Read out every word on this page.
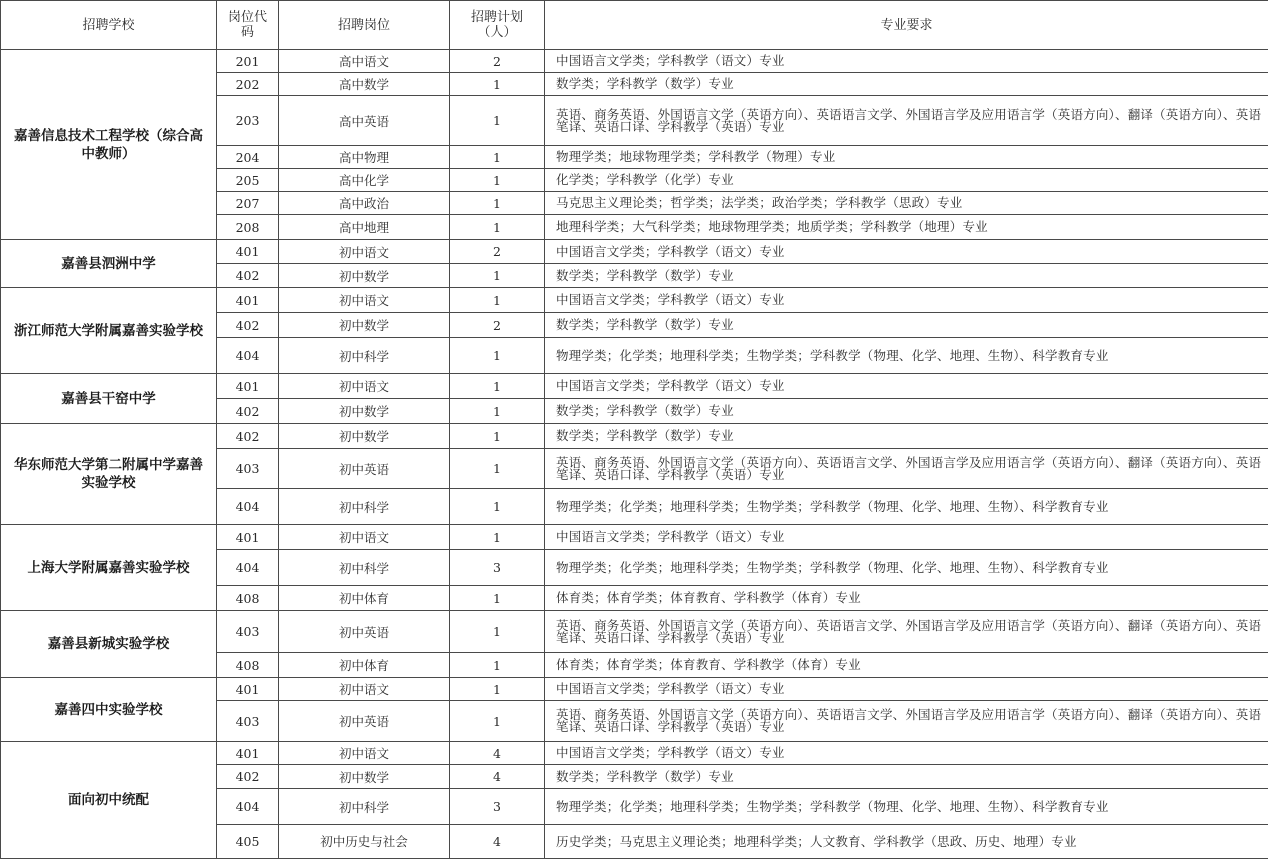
招聘学校	岗位代码	招聘岗位	招聘计划（人）	专业要求
嘉善信息技术工程学校（综合高中教师）	201	高中语文	2	中国语言文学类；学科教学（语文）专业
	202	高中数学	1	数学类；学科教学（数学）专业
	203	高中英语	1	英语、商务英语、外国语言文学（英语方向）、英语语言文学、外国语言学及应用语言学（英语方向）、翻译（英语方向）、英语笔译、英语口译、学科教学（英语）专业
	204	高中物理	1	物理学类；地球物理学类；学科教学（物理）专业
	205	高中化学	1	化学类；学科教学（化学）专业
	207	高中政治	1	马克思主义理论类；哲学类；法学类；政治学类；学科教学（思政）专业
	208	高中地理	1	地理科学类；大气科学类；地球物理学类；地质学类；学科教学（地理）专业
嘉善县泗洲中学	401	初中语文	2	中国语言文学类；学科教学（语文）专业
	402	初中数学	1	数学类；学科教学（数学）专业
浙江师范大学附属嘉善实验学校	401	初中语文	1	中国语言文学类；学科教学（语文）专业
	402	初中数学	2	数学类；学科教学（数学）专业
	404	初中科学	1	物理学类；化学类；地理科学类；生物学类；学科教学（物理、化学、地理、生物）、科学教育专业
嘉善县干窑中学	401	初中语文	1	中国语言文学类；学科教学（语文）专业
	402	初中数学	1	数学类；学科教学（数学）专业
华东师范大学第二附属中学嘉善实验学校	402	初中数学	1	数学类；学科教学（数学）专业
	403	初中英语	1	英语、商务英语、外国语言文学（英语方向）、英语语言文学、外国语言学及应用语言学（英语方向）、翻译（英语方向）、英语笔译、英语口译、学科教学（英语）专业
	404	初中科学	1	物理学类；化学类；地理科学类；生物学类；学科教学（物理、化学、地理、生物）、科学教育专业
上海大学附属嘉善实验学校	401	初中语文	1	中国语言文学类；学科教学（语文）专业
	404	初中科学	3	物理学类；化学类；地理科学类；生物学类；学科教学（物理、化学、地理、生物）、科学教育专业
	408	初中体育	1	体育类；体育学类；体育教育、学科教学（体育）专业
嘉善县新城实验学校	403	初中英语	1	英语、商务英语、外国语言文学（英语方向）、英语语言文学、外国语言学及应用语言学（英语方向）、翻译（英语方向）、英语笔译、英语口译、学科教学（英语）专业
	408	初中体育	1	体育类；体育学类；体育教育、学科教学（体育）专业
嘉善四中实验学校	401	初中语文	1	中国语言文学类；学科教学（语文）专业
	403	初中英语	1	英语、商务英语、外国语言文学（英语方向）、英语语言文学、外国语言学及应用语言学（英语方向）、翻译（英语方向）、英语笔译、英语口译、学科教学（英语）专业
面向初中统配	401	初中语文	4	中国语言文学类；学科教学（语文）专业
	402	初中数学	4	数学类；学科教学（数学）专业
	404	初中科学	3	物理学类；化学类；地理科学类；生物学类；学科教学（物理、化学、地理、生物）、科学教育专业
	405	初中历史与社会	4	历史学类；马克思主义理论类；地理科学类；人文教育、学科教学（思政、历史、地理）专业
